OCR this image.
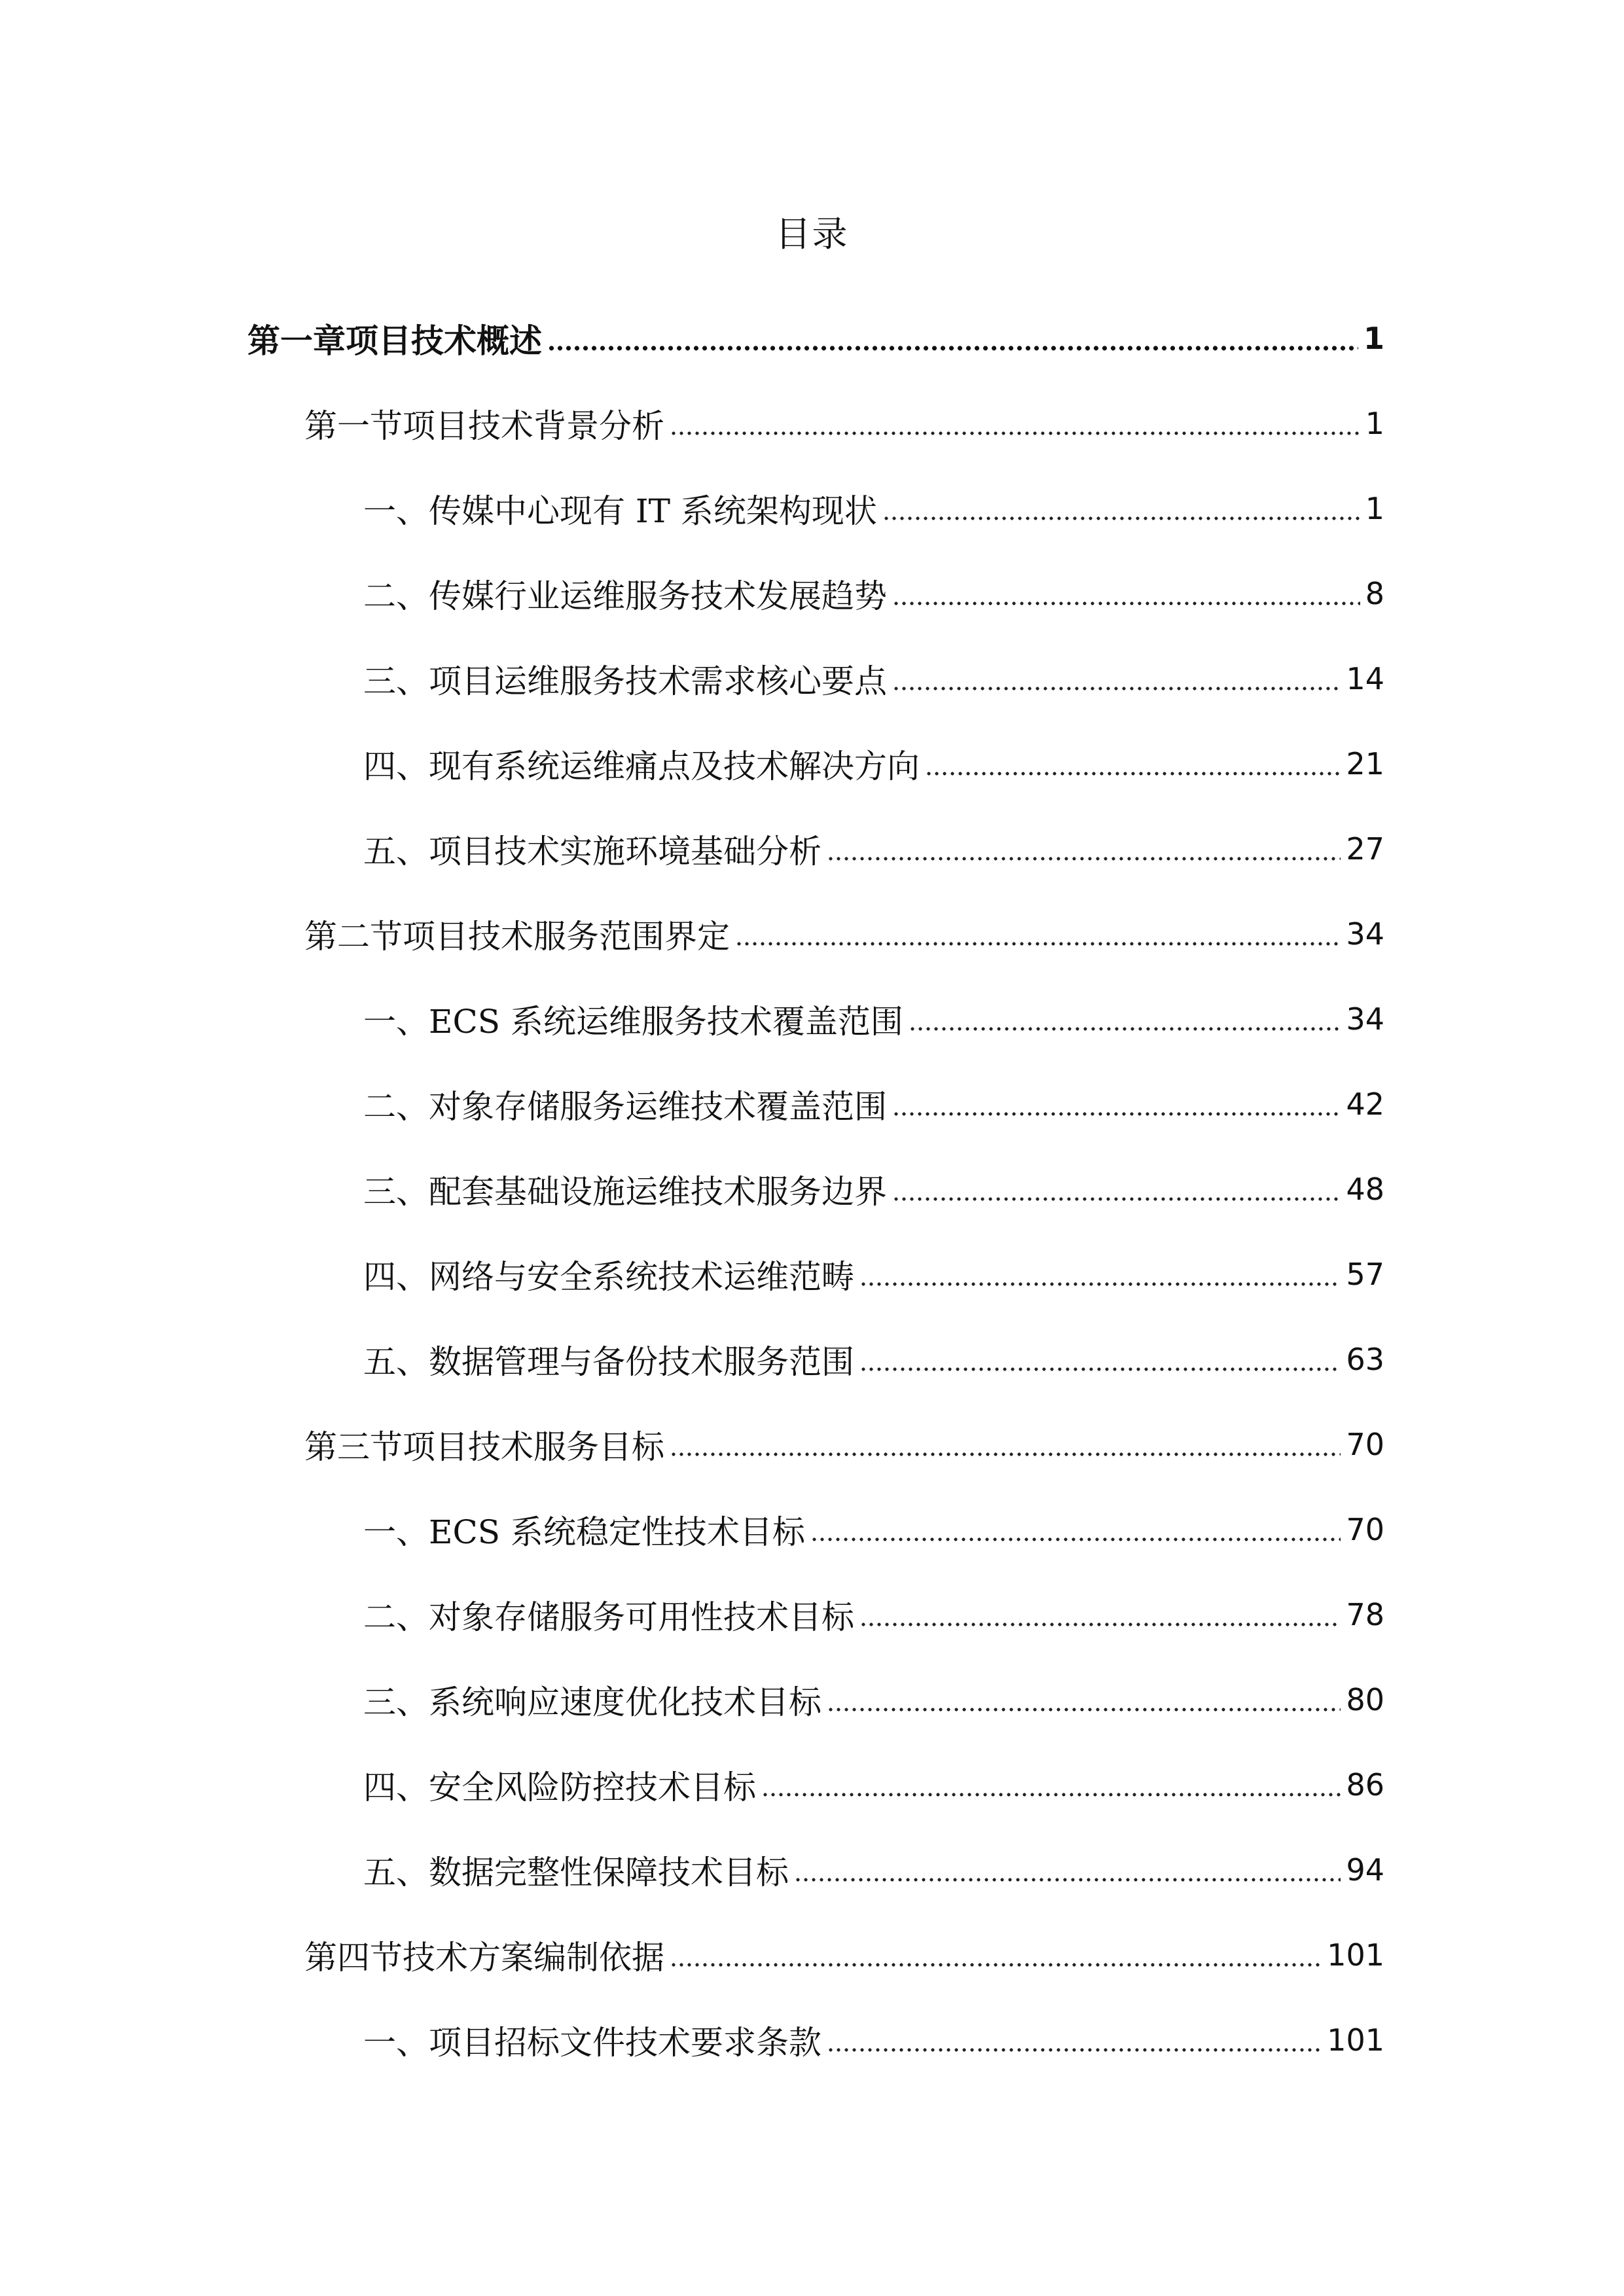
目录
第一章项目技术概述	1
第一节项目技术背景分析	1
一、传媒中心现有 IT 系统架构现状	1
二、传媒行业运维服务技术发展趋势	8
三、项目运维服务技术需求核心要点	14
四、现有系统运维痛点及技术解决方向	21
五、项目技术实施环境基础分析	27
第二节项目技术服务范围界定	34
一、ECS 系统运维服务技术覆盖范围	34
二、对象存储服务运维技术覆盖范围	42
三、配套基础设施运维技术服务边界	48
四、网络与安全系统技术运维范畴	57
五、数据管理与备份技术服务范围	63
第三节项目技术服务目标	70
一、ECS 系统稳定性技术目标	70
二、对象存储服务可用性技术目标	78
三、系统响应速度优化技术目标	80
四、安全风险防控技术目标	86
五、数据完整性保障技术目标	94
第四节技术方案编制依据	101
一、项目招标文件技术要求条款	101
